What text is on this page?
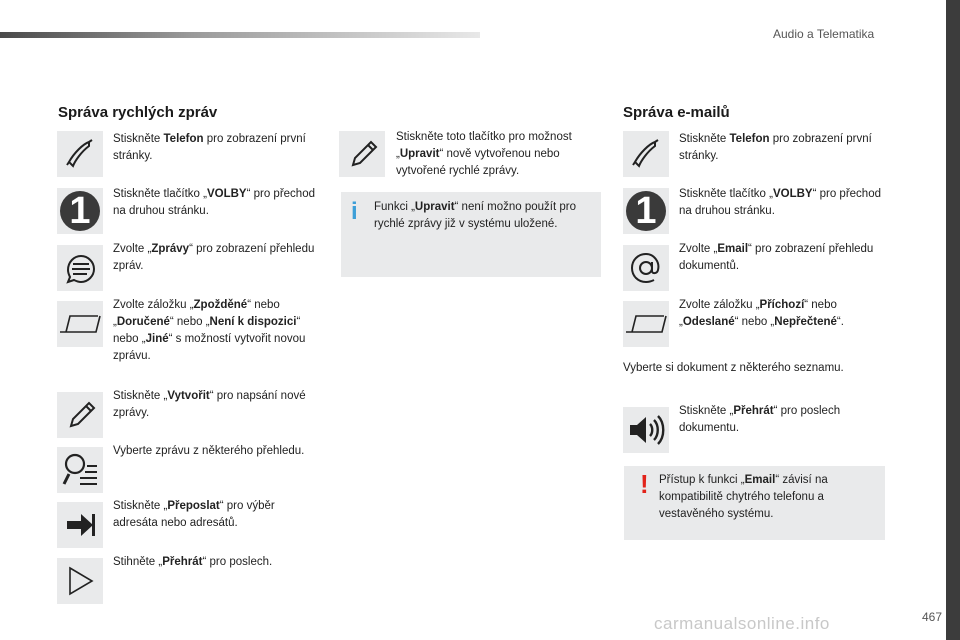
Audio a Telematika
Správa rychlých zpráv
Stiskněte Telefon pro zobrazení první stránky.
1 Stiskněte tlačítko „VOLBY“ pro přechod na druhou stránku.
Zvolte „Zprávy“ pro zobrazení přehledu zpráv.
Zvolte záložku „Zpožděné“ nebo „Doručené“ nebo „Není k dispozici“ nebo „Jiné“ s možností vytvořit novou zprávu.
Stiskněte „Vytvořit“ pro napsání nové zprávy.
Vyberte zprávu z některého přehledu.
Stiskněte „Přeposlat“ pro výběr adresáta nebo adresátů.
Stihněte „Přehrát“ pro poslech.
Stiskněte toto tlačítko pro možnost „Upravit“ nově vytvořenou nebo vytvořené rychlé zprávy.
i Funkci „Upravit“ není možno použít pro rychlé zprávy již v systému uložené.
Správa e-mailů
Stiskněte Telefon pro zobrazení první stránky.
1 Stiskněte tlačítko „VOLBY“ pro přechod na druhou stránku.
Zvolte „Email“ pro zobrazení přehledu dokumentů.
Zvolte záložku „Příchozí“ nebo „Odeslané“ nebo „Nepřečtené“.
Vyberte si dokument z některého seznamu.
Stiskněte „Přehrát“ pro poslech dokumentu.
! Přístup k funkci „Email“ závisí na kompatibilitě chytrého telefonu a vestavěného systému.
carmanualsonline.info	467
